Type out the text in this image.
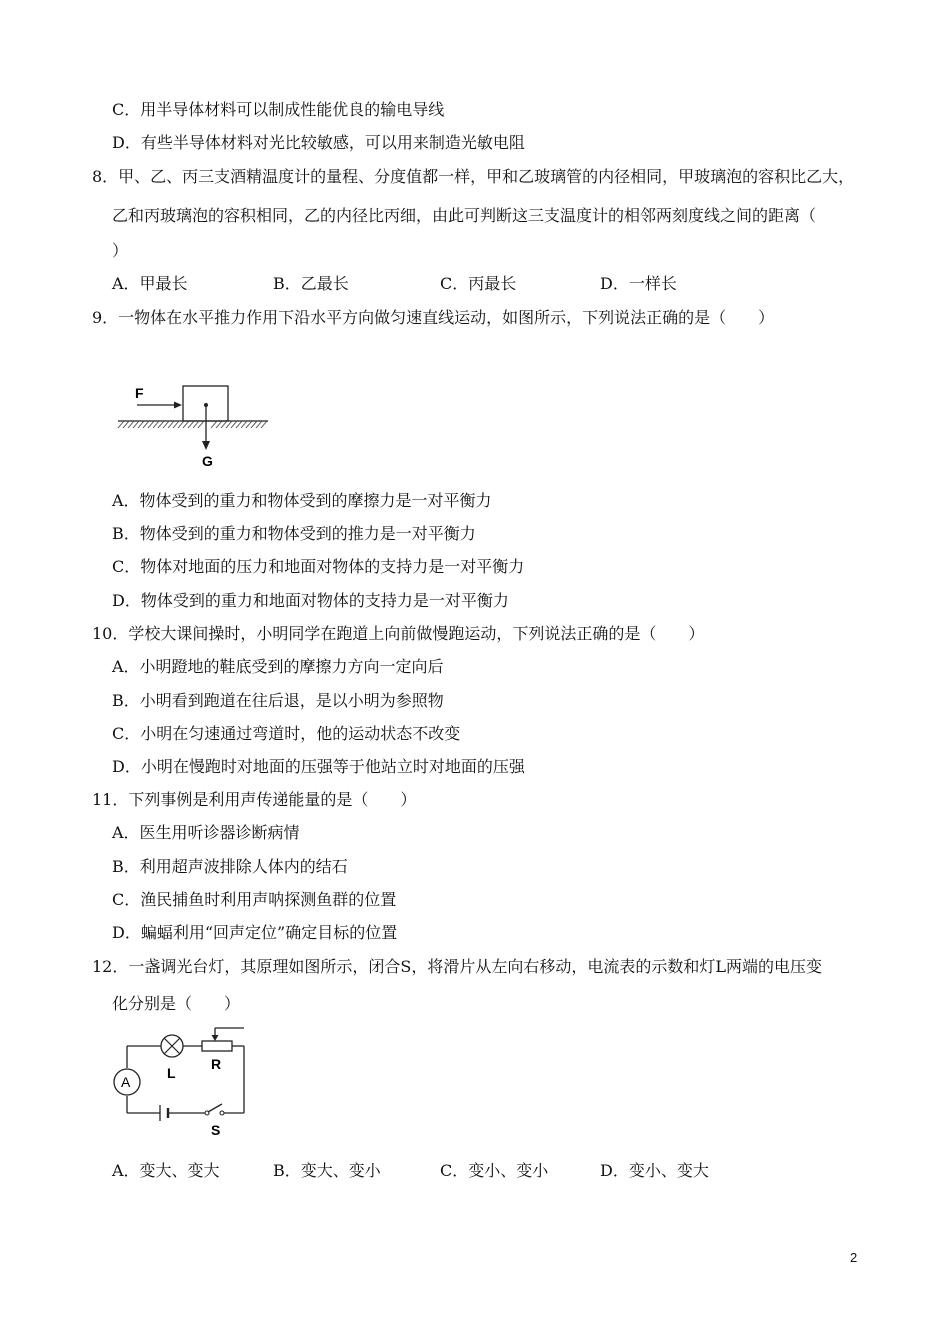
C．用半导体材料可以制成性能优良的输电导线
D．有些半导体材料对光比较敏感，可以用来制造光敏电阻
8．甲、乙、丙三支酒精温度计的量程、分度值都一样，甲和乙玻璃管的内径相同，甲玻璃泡的容积比乙大，
乙和丙玻璃泡的容积相同，乙的内径比丙细，由此可判断这三支温度计的相邻两刻度线之间的距离（
）
A．甲最长	B．乙最长	C．丙最长	D．一样长
9．一物体在水平推力作用下沿水平方向做匀速直线运动，如图所示，下列说法正确的是（　　）
F
G
A．物体受到的重力和物体受到的摩擦力是一对平衡力
B．物体受到的重力和物体受到的推力是一对平衡力
C．物体对地面的压力和地面对物体的支持力是一对平衡力
D．物体受到的重力和地面对物体的支持力是一对平衡力
10．学校大课间操时，小明同学在跑道上向前做慢跑运动，下列说法正确的是（　　）
A．小明蹬地的鞋底受到的摩擦力方向一定向后
B．小明看到跑道在往后退，是以小明为参照物
C．小明在匀速通过弯道时，他的运动状态不改变
D．小明在慢跑时对地面的压强等于他站立时对地面的压强
11．下列事例是利用声传递能量的是（　　）
A．医生用听诊器诊断病情
B．利用超声波排除人体内的结石
C．渔民捕鱼时利用声呐探测鱼群的位置
D．蝙蝠利用“回声定位”确定目标的位置
12．一盏调光台灯，其原理如图所示，闭合S，将滑片从左向右移动，电流表的示数和灯L两端的电压变
化分别是（　　）
A
L
R
S
A．变大、变大	B．变大、变小	C．变小、变小	D．变小、变大
2
